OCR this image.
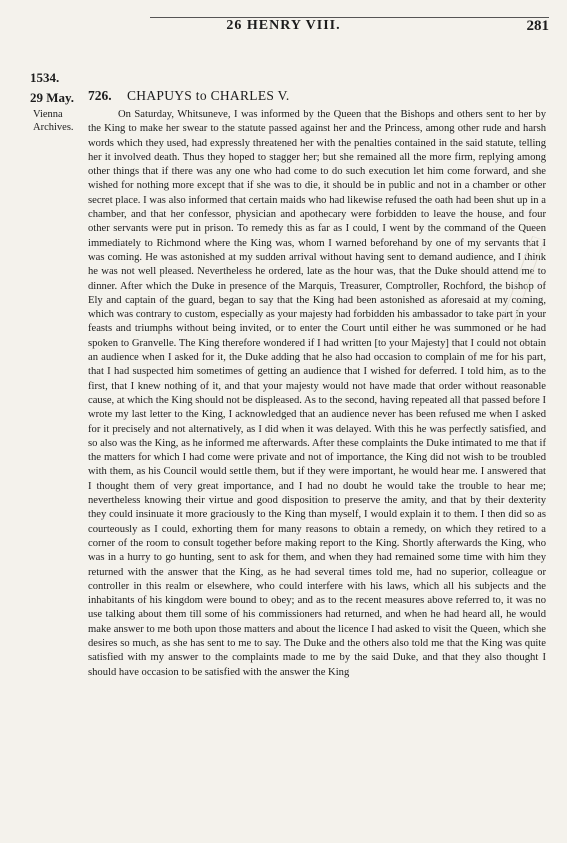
26 HENRY VIII.	281
1534.
29 May.
Vienna Archives.
726. CHAPUYS to CHARLES V.

On Saturday, Whitsuneve, I was informed by the Queen that the Bishops and others sent to her by the King to make her swear to the statute passed against her and the Princess, among other rude and harsh words which they used, had expressly threatened her with the penalties contained in the said statute, telling her it involved death. Thus they hoped to stagger her; but she remained all the more firm, replying among other things that if there was any one who had come to do such execution let him come forward, and she wished for nothing more except that if she was to die, it should be in public and not in a chamber or other secret place. I was also informed that certain maids who had likewise refused the oath had been shut up in a chamber, and that her confessor, physician and apothecary were forbidden to leave the house, and four other servants were put in prison. To remedy this as far as I could, I went by the command of the Queen immediately to Richmond where the King was, whom I warned beforehand by one of my servants that I was coming. He was astonished at my sudden arrival without having sent to demand audience, and I think he was not well pleased. Nevertheless he ordered, late as the hour was, that the Duke should attend me to dinner. After which the Duke in presence of the Marquis, Treasurer, Comptroller, Rochford, the bishop of Ely and captain of the guard, began to say that the King had been astonished as aforesaid at my coming, which was contrary to custom, especially as your majesty had forbidden his ambassador to take part in your feasts and triumphs without being invited, or to enter the Court until either he was summoned or he had spoken to Granvelle. The King therefore wondered if I had written [to your Majesty] that I could not obtain an audience when I asked for it, the Duke adding that he also had occasion to complain of me for his part, that I had suspected him sometimes of getting an audience that I wished for deferred. I told him, as to the first, that I knew nothing of it, and that your majesty would not have made that order without reasonable cause, at which the King should not be displeased. As to the second, having repeated all that passed before I wrote my last letter to the King, I acknowledged that an audience never has been refused me when I asked for it precisely and not alternatively, as I did when it was delayed. With this he was perfectly satisfied, and so also was the King, as he informed me afterwards. After these complaints the Duke intimated to me that if the matters for which I had come were private and not of importance, the King did not wish to be troubled with them, as his Council would settle them, but if they were important, he would hear me. I answered that I thought them of very great importance, and I had no doubt he would take the trouble to hear me; nevertheless knowing their virtue and good disposition to preserve the amity, and that by their dexterity they could insinuate it more graciously to the King than myself, I would explain it to them. I then did so as courteously as I could, exhorting them for many reasons to obtain a remedy, on which they retired to a corner of the room to consult together before making report to the King. Shortly afterwards the King, who was in a hurry to go hunting, sent to ask for them, and when they had remained some time with him they returned with the answer that the King, as he had several times told me, had no superior, colleague or controller in this realm or elsewhere, who could interfere with his laws, which all his subjects and the inhabitants of his kingdom were bound to obey; and as to the recent measures above referred to, it was no use talking about them till some of his commissioners had returned, and when he had heard all, he would make answer to me both upon those matters and about the licence I had asked to visit the Queen, which she desires so much, as she has sent to me to say. The Duke and the others also told me that the King was quite satisfied with my answer to the complaints made to me by the said Duke, and that they also thought I should have occasion to be satisfied with the answer the King
